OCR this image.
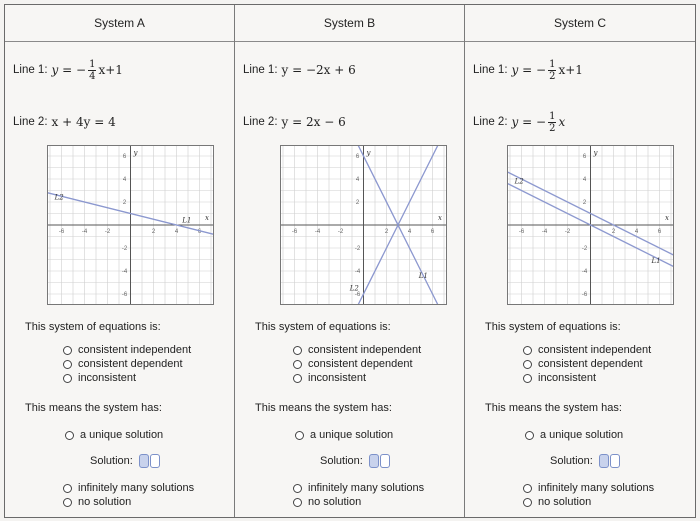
System A
Line 1: y = − $\frac{1}{4} x+1$
Line 2: x + 4y = 4
-6
-6
-4
-4
-2
-2
2
2
4
4
6
6
x
y
L1
L2
This system of equations is:
consistent independent
consistent dependent
inconsistent
This means the system has:
a unique solution
Solution:
infinitely many solutions
no solution
System B
Line 1: y = −2x + 6
Line 2: y = 2x − 6
-6
-6
-4
-4
-2
-2
2
2
4
4
6
6
x
y
L1
L2
This system of equations is:
consistent independent
consistent dependent
inconsistent
This means the system has:
a unique solution
Solution:
infinitely many solutions
no solution
System C
Line 1: y = − $\frac{1}{2} x+1$
Line 2: y = − $\frac{1}{2}$ x
-6
-6
-4
-4
-2
-2
2
2
4
4
6
6
x
y
L1
L2
This system of equations is:
consistent independent
consistent dependent
inconsistent
This means the system has:
a unique solution
Solution:
infinitely many solutions
no solution
